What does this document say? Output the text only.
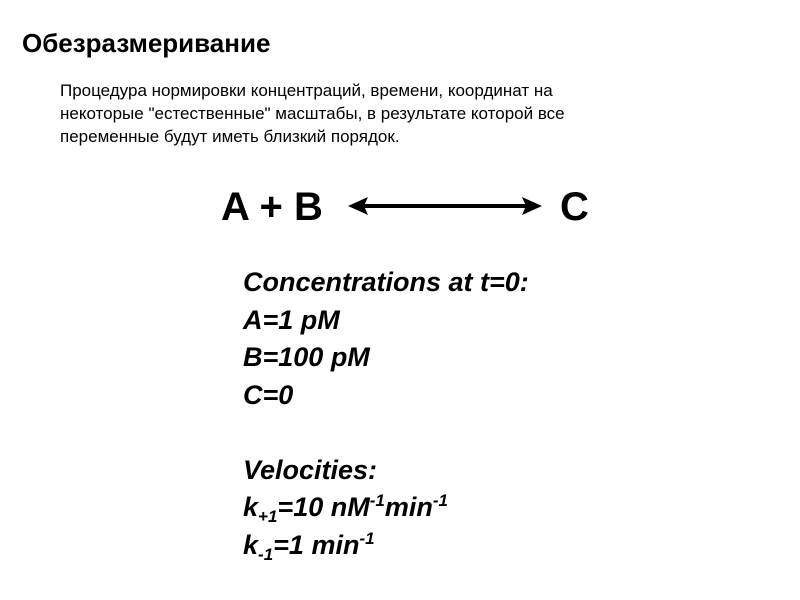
Обезразмеривание
Процедура нормировки концентраций, времени, координат на
некоторые "естественные" масштабы, в результате которой все
переменные будут иметь близкий порядок.
A + B	C
Concentrations at t=0:
A=1 pM
B=100 pM
C=0
Velocities:
$k_{+1}=10$ $nM^{-1}\min^{-1}$
$k_{-1}=1$ $\min^{-1}$
